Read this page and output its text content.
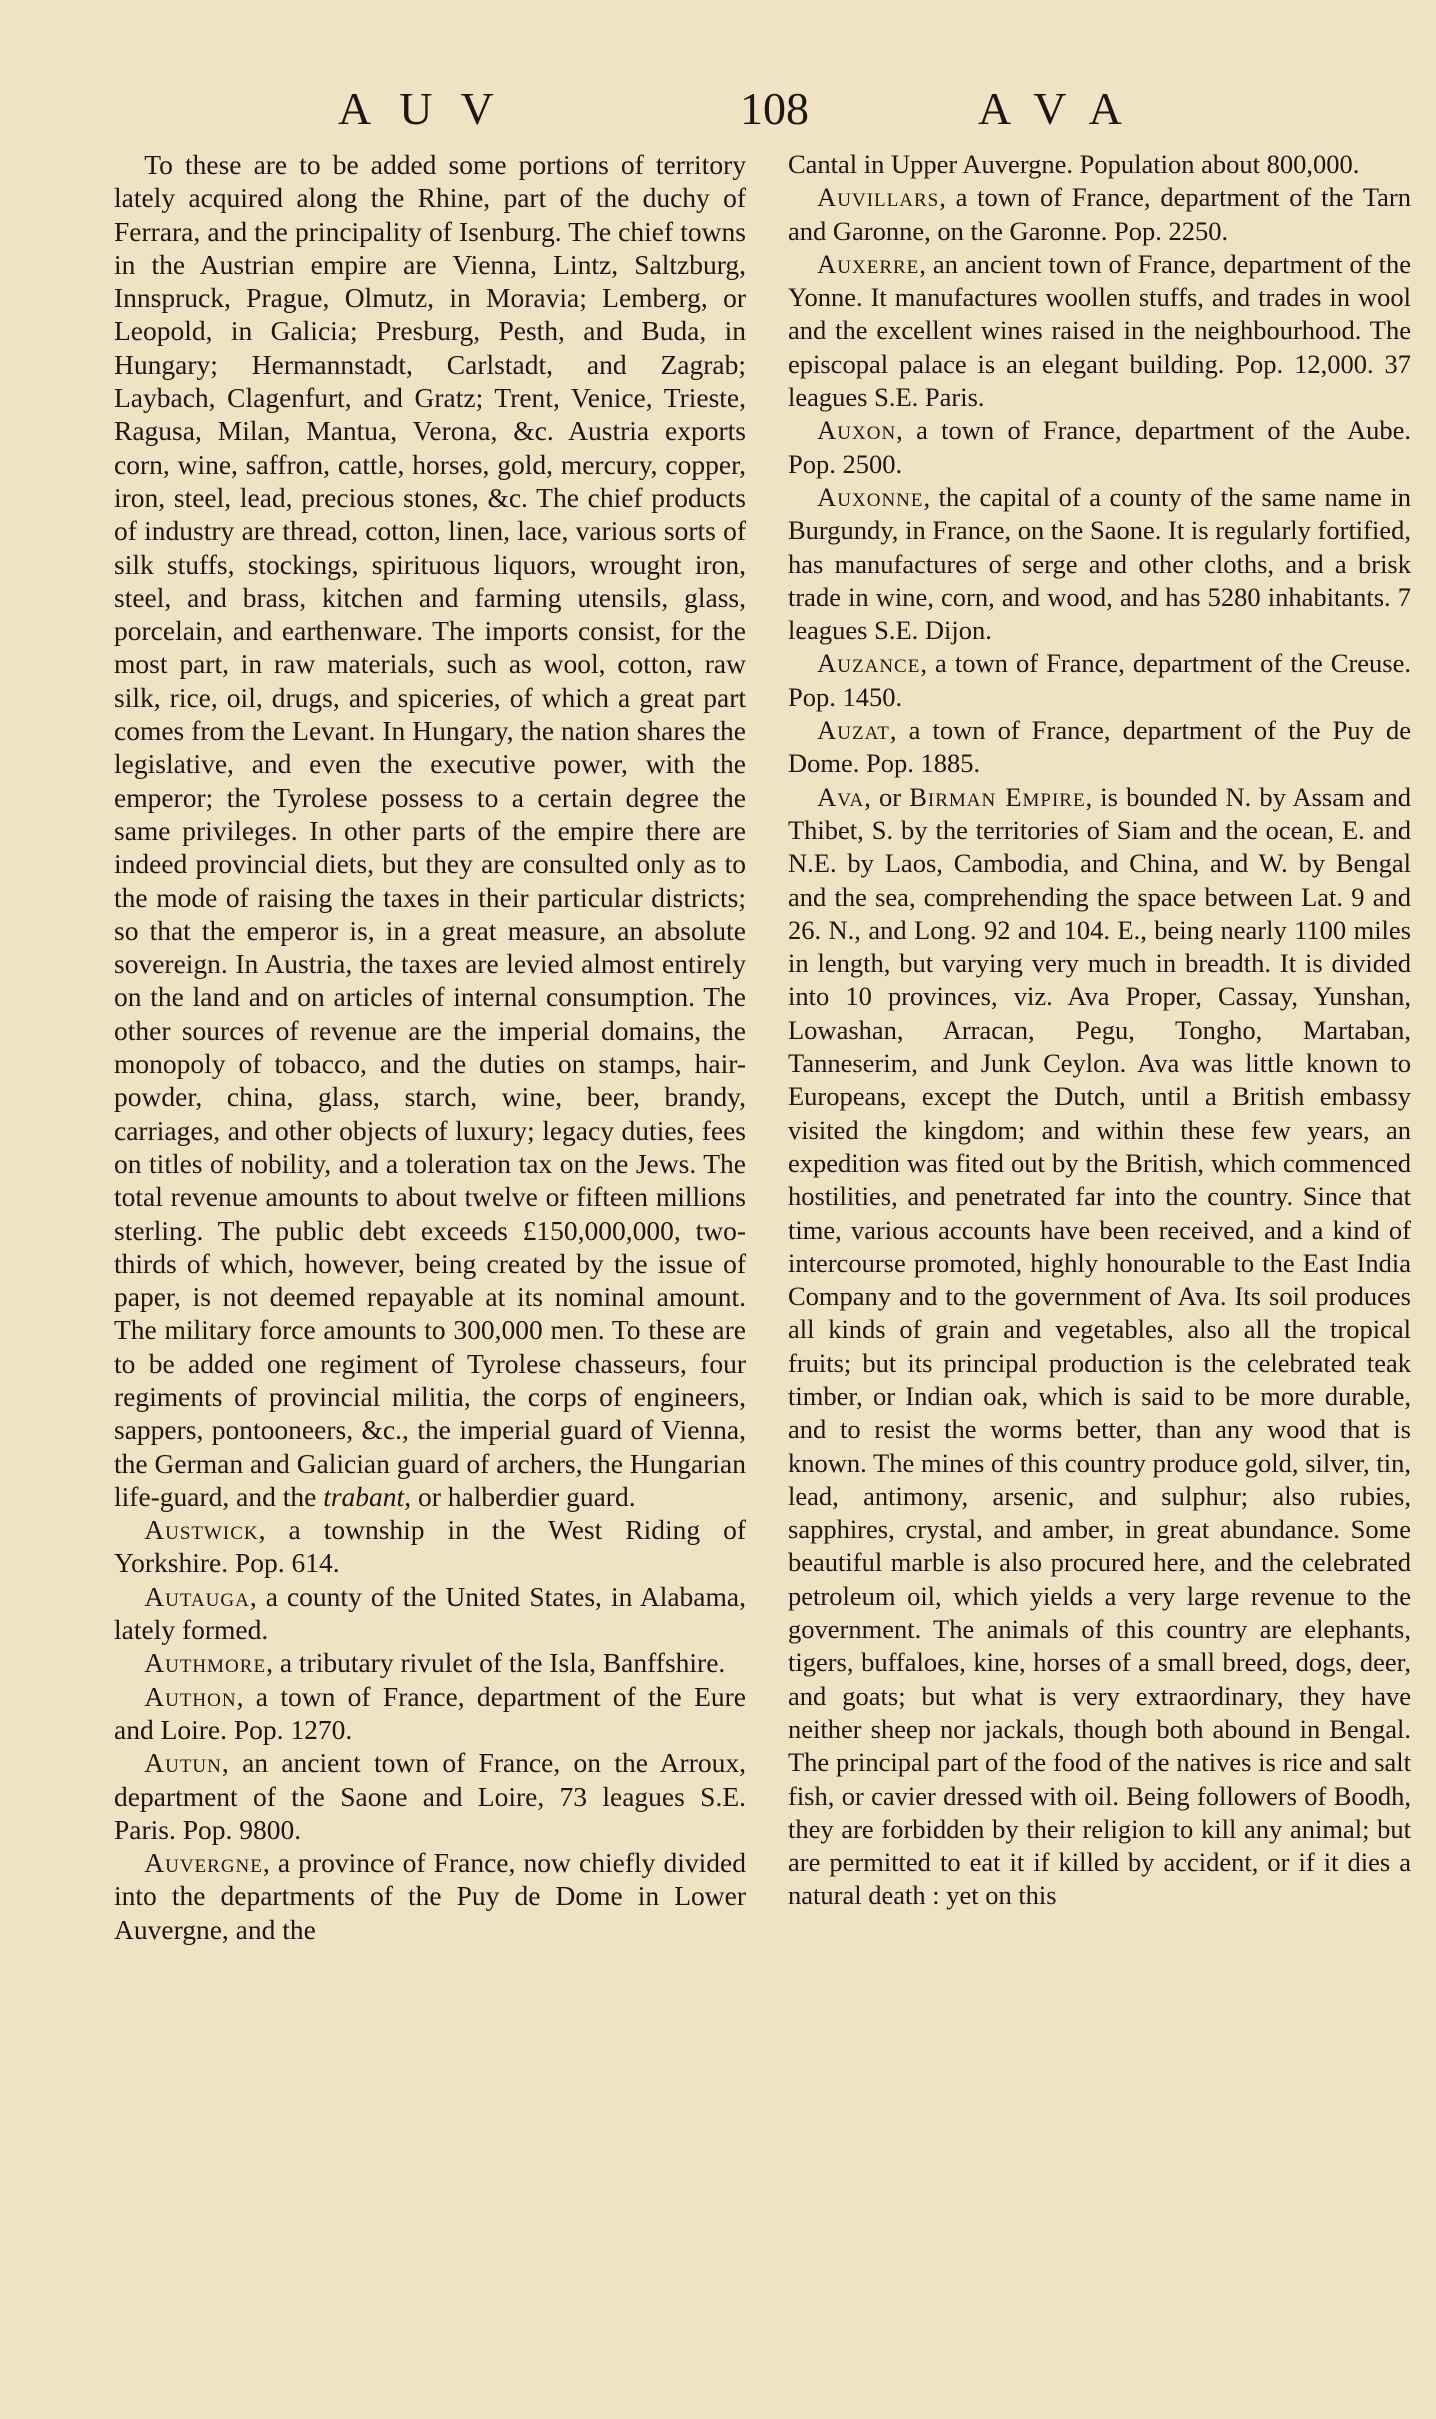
AUV	108	AVA

To these are to be added some portions of territory lately acquired along the Rhine, part of the duchy of Ferrara, and the principality of Isenburg. The chief towns in the Austrian empire are Vienna, Lintz, Saltzburg, Innspruck, Prague, Olmutz, in Moravia; Lemberg, or Leopold, in Galicia; Presburg, Pesth, and Buda, in Hungary; Hermannstadt, Carlstadt, and Zagrab; Laybach, Clagenfurt, and Gratz; Trent, Venice, Trieste, Ragusa, Milan, Mantua, Verona, &c. Austria exports corn, wine, saffron, cattle, horses, gold, mercury, copper, iron, steel, lead, precious stones, &c. The chief products of industry are thread, cotton, linen, lace, various sorts of silk stuffs, stockings, spirituous liquors, wrought iron, steel, and brass, kitchen and farming utensils, glass, porcelain, and earthenware. The imports consist, for the most part, in raw materials, such as wool, cotton, raw silk, rice, oil, drugs, and spiceries, of which a great part comes from the Levant. In Hungary, the nation shares the legislative, and even the executive power, with the emperor; the Tyrolese possess to a certain degree the same privileges. In other parts of the empire there are indeed provincial diets, but they are consulted only as to the mode of raising the taxes in their particular districts; so that the emperor is, in a great measure, an absolute sovereign. In Austria, the taxes are levied almost entirely on the land and on articles of internal consumption. The other sources of revenue are the imperial domains, the monopoly of tobacco, and the duties on stamps, hair-powder, china, glass, starch, wine, beer, brandy, carriages, and other objects of luxury; legacy duties, fees on titles of nobility, and a toleration tax on the Jews. The total revenue amounts to about twelve or fifteen millions sterling. The public debt exceeds £150,000,000, two-thirds of which, however, being created by the issue of paper, is not deemed repayable at its nominal amount. The military force amounts to 300,000 men. To these are to be added one regiment of Tyrolese chasseurs, four regiments of provincial militia, the corps of engineers, sappers, pontooneers, &c., the imperial guard of Vienna, the German and Galician guard of archers, the Hungarian life-guard, and the trabant, or halberdier guard.

Austwick, a township in the West Riding of Yorkshire. Pop. 614.

Autauga, a county of the United States, in Alabama, lately formed.

Authmore, a tributary rivulet of the Isla, Banffshire.

Authon, a town of France, department of the Eure and Loire. Pop. 1270.

Autun, an ancient town of France, on the Arroux, department of the Saone and Loire, 73 leagues S.E. Paris. Pop. 9800.

Auvergne, a province of France, now chiefly divided into the departments of the Puy de Dome in Lower Auvergne, and the

Cantal in Upper Auvergne. Population about 800,000.

Auvillars, a town of France, department of the Tarn and Garonne, on the Garonne. Pop. 2250.

Auxerre, an ancient town of France, department of the Yonne. It manufactures woollen stuffs, and trades in wool and the excellent wines raised in the neighbourhood. The episcopal palace is an elegant building. Pop. 12,000. 37 leagues S.E. Paris.

Auxon, a town of France, department of the Aube. Pop. 2500.

Auxonne, the capital of a county of the same name in Burgundy, in France, on the Saone. It is regularly fortified, has manufactures of serge and other cloths, and a brisk trade in wine, corn, and wood, and has 5280 inhabitants. 7 leagues S.E. Dijon.

Auzance, a town of France, department of the Creuse. Pop. 1450.

Auzat, a town of France, department of the Puy de Dome. Pop. 1885.

Ava, or Birman Empire, is bounded N. by Assam and Thibet, S. by the territories of Siam and the ocean, E. and N.E. by Laos, Cambodia, and China, and W. by Bengal and the sea, comprehending the space between Lat. 9 and 26. N., and Long. 92 and 104. E., being nearly 1100 miles in length, but varying very much in breadth. It is divided into 10 provinces, viz. Ava Proper, Cassay, Yunshan, Lowashan, Arracan, Pegu, Tongho, Martaban, Tanneserim, and Junk Ceylon. Ava was little known to Europeans, except the Dutch, until a British embassy visited the kingdom; and within these few years, an expedition was fited out by the British, which commenced hostilities, and penetrated far into the country. Since that time, various accounts have been received, and a kind of intercourse promoted, highly honourable to the East India Company and to the government of Ava. Its soil produces all kinds of grain and vegetables, also all the tropical fruits; but its principal production is the celebrated teak timber, or Indian oak, which is said to be more durable, and to resist the worms better, than any wood that is known. The mines of this country produce gold, silver, tin, lead, antimony, arsenic, and sulphur; also rubies, sapphires, crystal, and amber, in great abundance. Some beautiful marble is also procured here, and the celebrated petroleum oil, which yields a very large revenue to the government. The animals of this country are elephants, tigers, buffaloes, kine, horses of a small breed, dogs, deer, and goats; but what is very extraordinary, they have neither sheep nor jackals, though both abound in Bengal. The principal part of the food of the natives is rice and salt fish, or cavier dressed with oil. Being followers of Boodh, they are forbidden by their religion to kill any animal; but are permitted to eat it if killed by accident, or if it dies a natural death : yet on this
